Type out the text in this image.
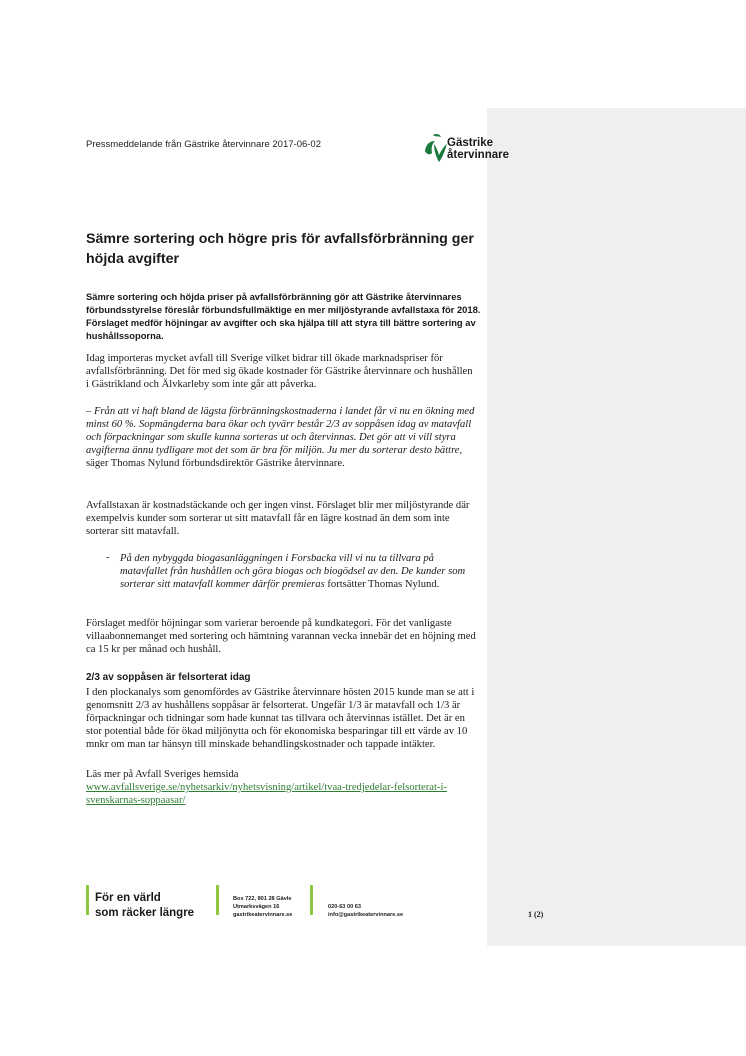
Pressmeddelande från Gästrike återvinnare 2017-06-02	Gästrike
återvinnare
Sämre sortering och högre pris för avfallsförbränning ger höjda avgifter

Sämre sortering och höjda priser på avfallsförbränning gör att Gästrike återvinnares förbundsstyrelse föreslår förbundsfullmäktige en mer miljöstyrande avfallstaxa för 2018. Förslaget medför höjningar av avgifter och ska hjälpa till att styra till bättre sortering av hushållssoporna.

Idag importeras mycket avfall till Sverige vilket bidrar till ökade marknadspriser för avfallsförbränning. Det för med sig ökade kostnader för Gästrike återvinnare och hushållen i Gästrikland och Älvkarleby som inte går att påverka.

– Från att vi haft bland de lägsta förbränningskostnaderna i landet får vi nu en ökning med minst 60 %. Sopmängderna bara ökar och tyvärr består 2/3 av soppåsen idag av matavfall och förpackningar som skulle kunna sorteras ut och återvinnas. Det gör att vi vill styra avgifterna ännu tydligare mot det som är bra för miljön. Ju mer du sorterar desto bättre, säger Thomas Nylund förbundsdirektör Gästrike återvinnare.

Avfallstaxan är kostnadstäckande och ger ingen vinst. Förslaget blir mer miljöstyrande där exempelvis kunder som sorterar ut sitt matavfall får en lägre kostnad än dem som inte sorterar sitt matavfall.

- På den nybyggda biogasanläggningen i Forsbacka vill vi nu ta tillvara på matavfallet från hushållen och göra biogas och biogödsel av den. De kunder som sorterar sitt matavfall kommer därför premieras fortsätter Thomas Nylund.

Förslaget medför höjningar som varierar beroende på kundkategori. För det vanligaste villaabonnemanget med sortering och hämtning varannan vecka innebär det en höjning med ca 15 kr per månad och hushåll.

2/3 av soppåsen är felsorterat idag

I den plockanalys som genomfördes av Gästrike återvinnare hösten 2015 kunde man se att i genomsnitt 2/3 av hushållens soppåsar är felsorterat. Ungefär 1/3 är matavfall och 1/3 är förpackningar och tidningar som hade kunnat tas tillvara och återvinnas istället. Det är en stor potential både för ökad miljönytta och för ekonomiska besparingar till ett värde av 10 mnkr om man tar hänsyn till minskade behandlingskostnader och tappade intäkter.

Läs mer på Avfall Sveriges hemsida

www.avfallsverige.se/nyhetsarkiv/nyhetsvisning/artikel/tvaa-tredjedelar-felsorterat-i-svenskarnas-soppaasar/

För en värld
som räcker längre
Box 722, 801 28 Gävle
Utmarksvägen 16
gastrikeatervinnare.se
020-63 00 63
info@gastrikeatervinnare.se	1 (2)
